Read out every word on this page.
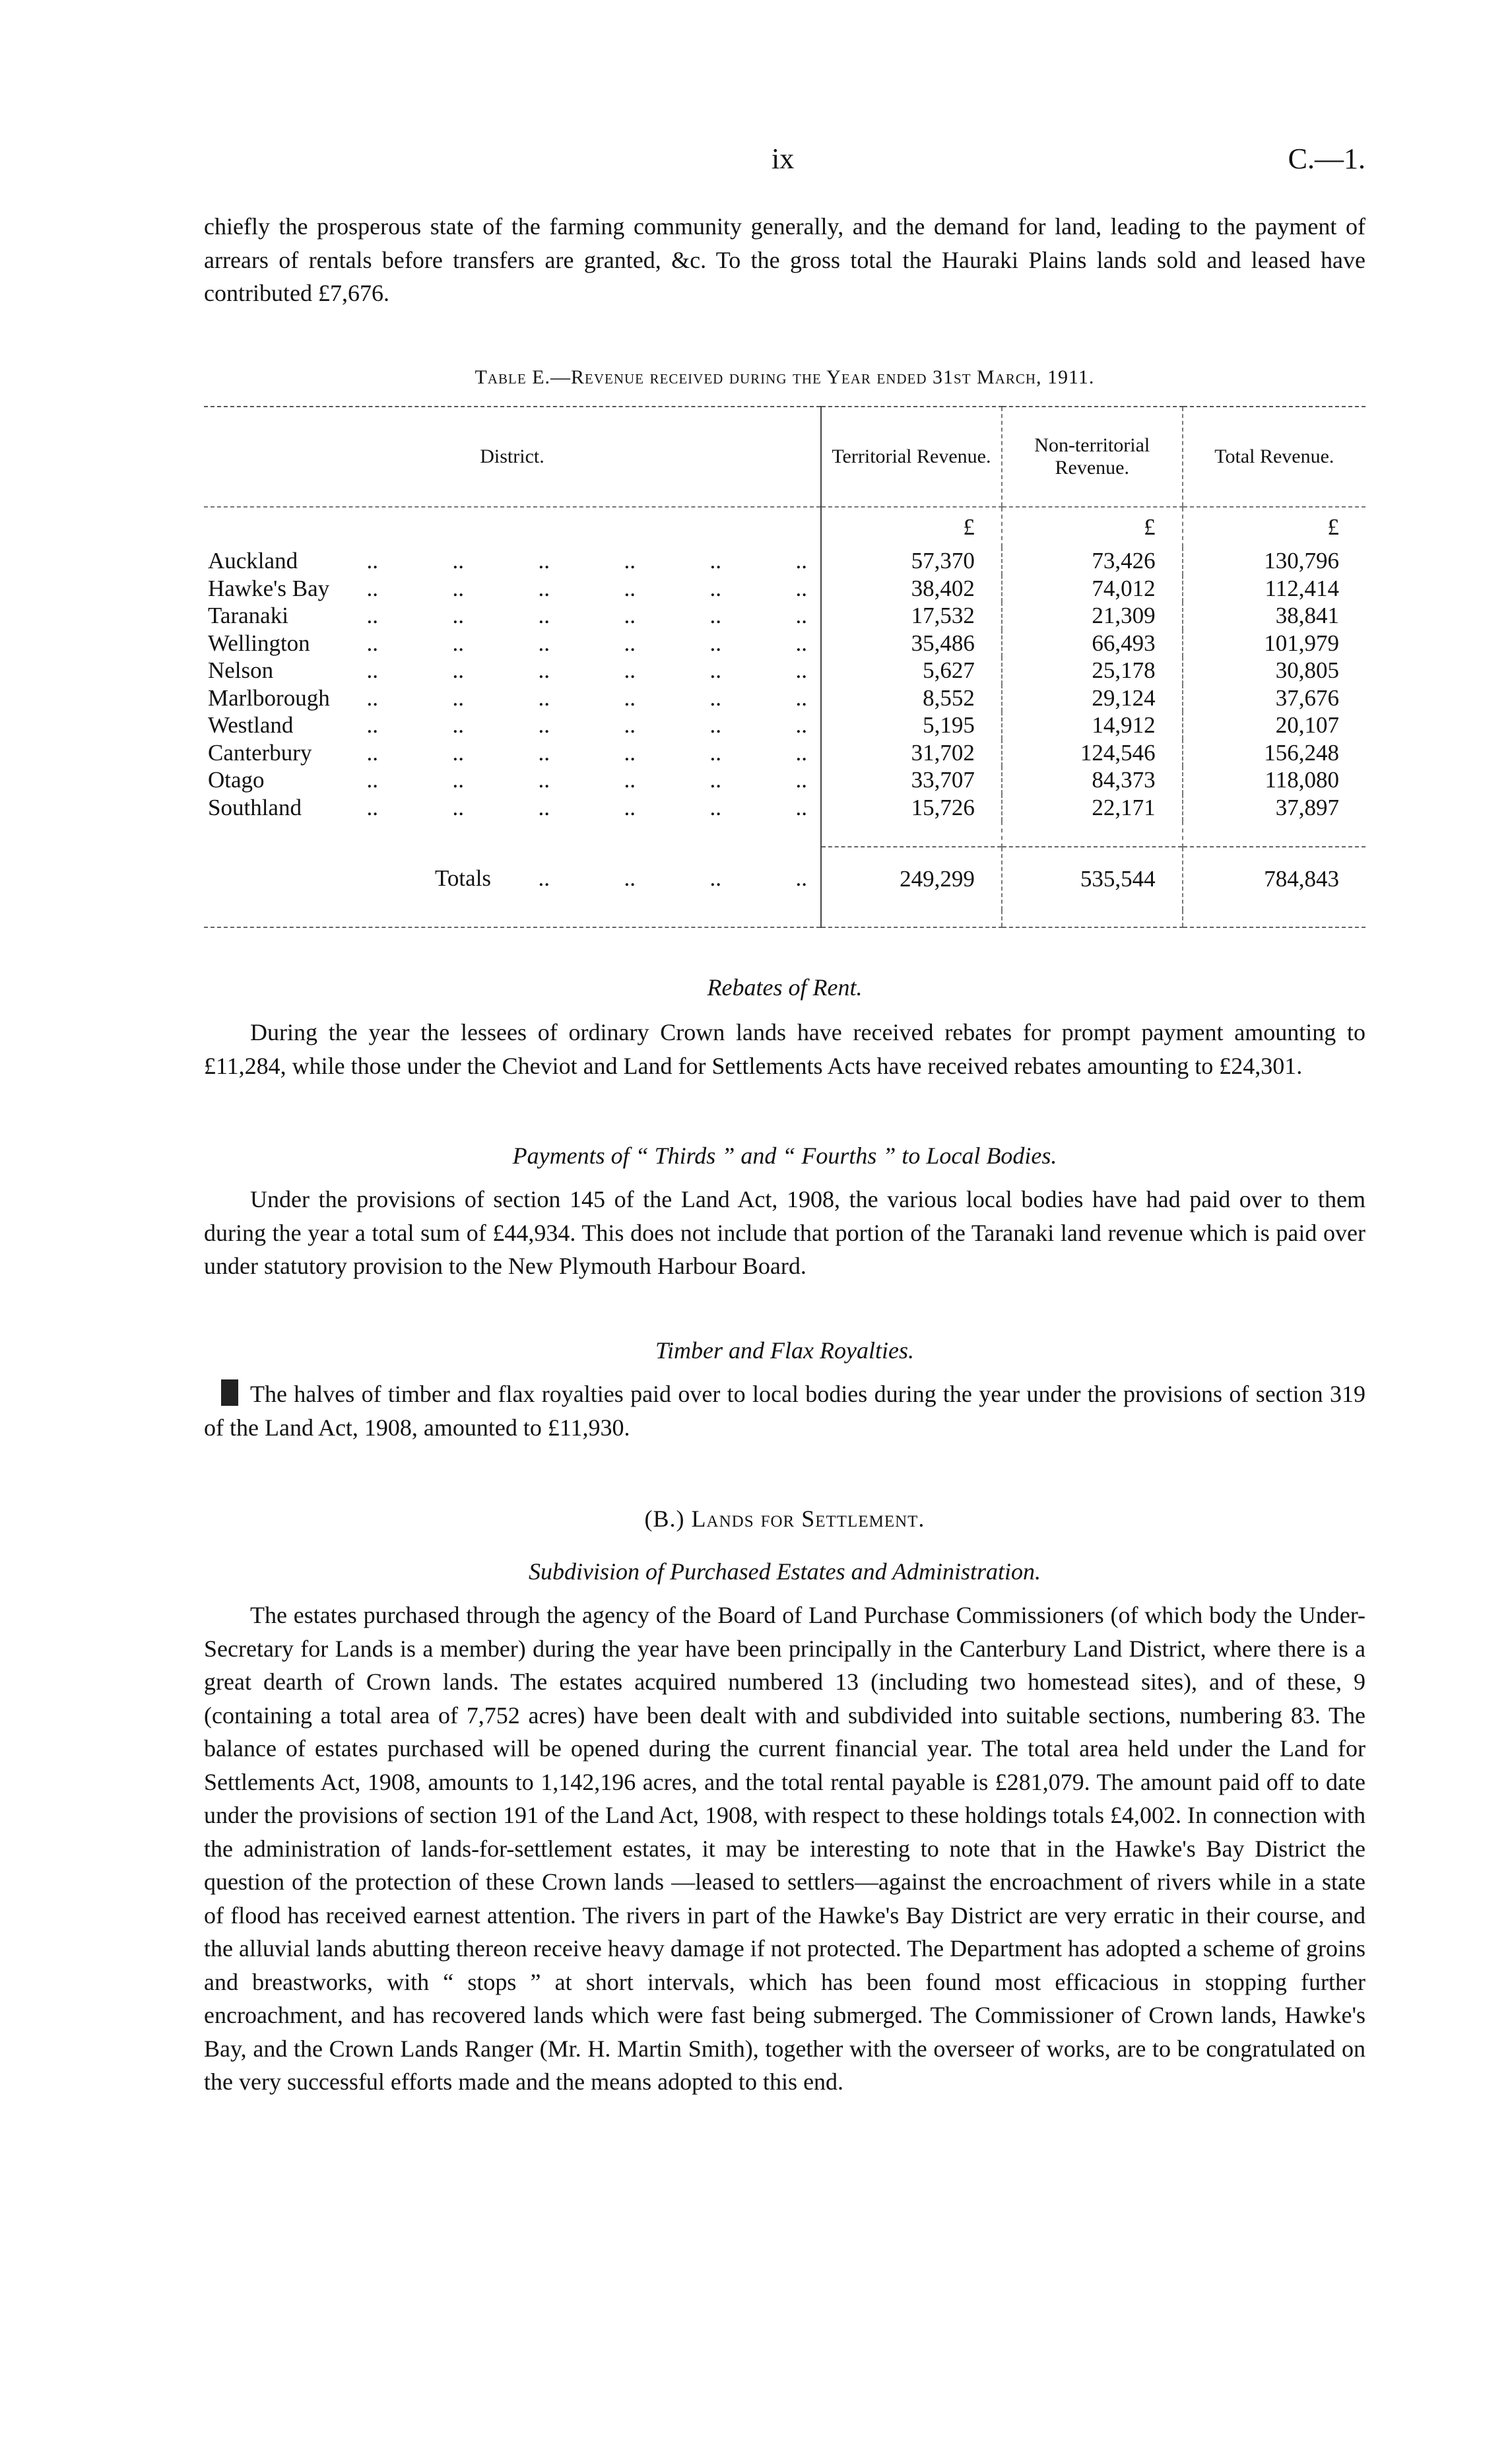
ix	C.—1.

chiefly the prosperous state of the farming community generally, and the demand for land, leading to the payment of arrears of rentals before transfers are granted, &c. To the gross total the Hauraki Plains lands sold and leased have contributed £7,676.

Table E.—Revenue received during the Year ended 31st March, 1911.
District.	Territorial Revenue.	Non-territorial Revenue.	Total Revenue.
	£	£	£
Auckland .. .. .. .. .. ..	57,370	73,426	130,796
Hawke's Bay .. .. .. .. .. ..	38,402	74,012	112,414
Taranaki .. .. .. .. .. ..	17,532	21,309	38,841
Wellington .. .. .. .. .. ..	35,486	66,493	101,979
Nelson .. .. .. .. .. ..	5,627	25,178	30,805
Marlborough .. .. .. .. .. ..	8,552	29,124	37,676
Westland .. .. .. .. .. ..	5,195	14,912	20,107
Canterbury .. .. .. .. .. ..	31,702	124,546	156,248
Otago .. .. .. .. .. ..	33,707	84,373	118,080
Southland .. .. .. .. .. ..	15,726	22,171	37,897

Totals .. .. .. ..	249,299	535,544	784,843

Rebates of Rent.

During the year the lessees of ordinary Crown lands have received rebates for prompt payment amounting to £11,284, while those under the Cheviot and Land for Settlements Acts have received rebates amounting to £24,301.

Payments of “ Thirds ” and “ Fourths ” to Local Bodies.

Under the provisions of section 145 of the Land Act, 1908, the various local bodies have had paid over to them during the year a total sum of £44,934. This does not include that portion of the Taranaki land revenue which is paid over under statutory provision to the New Plymouth Harbour Board.

Timber and Flax Royalties.

The halves of timber and flax royalties paid over to local bodies during the year under the provisions of section 319 of the Land Act, 1908, amounted to £11,930.

(B.) Lands for Settlement.
Subdivision of Purchased Estates and Administration.

The estates purchased through the agency of the Board of Land Purchase Commissioners (of which body the Under-Secretary for Lands is a member) during the year have been principally in the Canterbury Land District, where there is a great dearth of Crown lands. The estates acquired numbered 13 (including two homestead sites), and of these, 9 (containing a total area of 7,752 acres) have been dealt with and subdivided into suitable sections, numbering 83. The balance of estates purchased will be opened during the current financial year. The total area held under the Land for Settlements Act, 1908, amounts to 1,142,196 acres, and the total rental payable is £281,079. The amount paid off to date under the provisions of section 191 of the Land Act, 1908, with respect to these holdings totals £4,002. In connection with the administration of lands-for-settlement estates, it may be interesting to note that in the Hawke's Bay District the question of the protection of these Crown lands —leased to settlers—against the encroachment of rivers while in a state of flood has received earnest attention. The rivers in part of the Hawke's Bay District are very erratic in their course, and the alluvial lands abutting thereon receive heavy damage if not protected. The Department has adopted a scheme of groins and breastworks, with “ stops ” at short intervals, which has been found most efficacious in stopping further encroachment, and has recovered lands which were fast being submerged. The Commissioner of Crown lands, Hawke's Bay, and the Crown Lands Ranger (Mr. H. Martin Smith), together with the overseer of works, are to be congratulated on the very successful efforts made and the means adopted to this end.
